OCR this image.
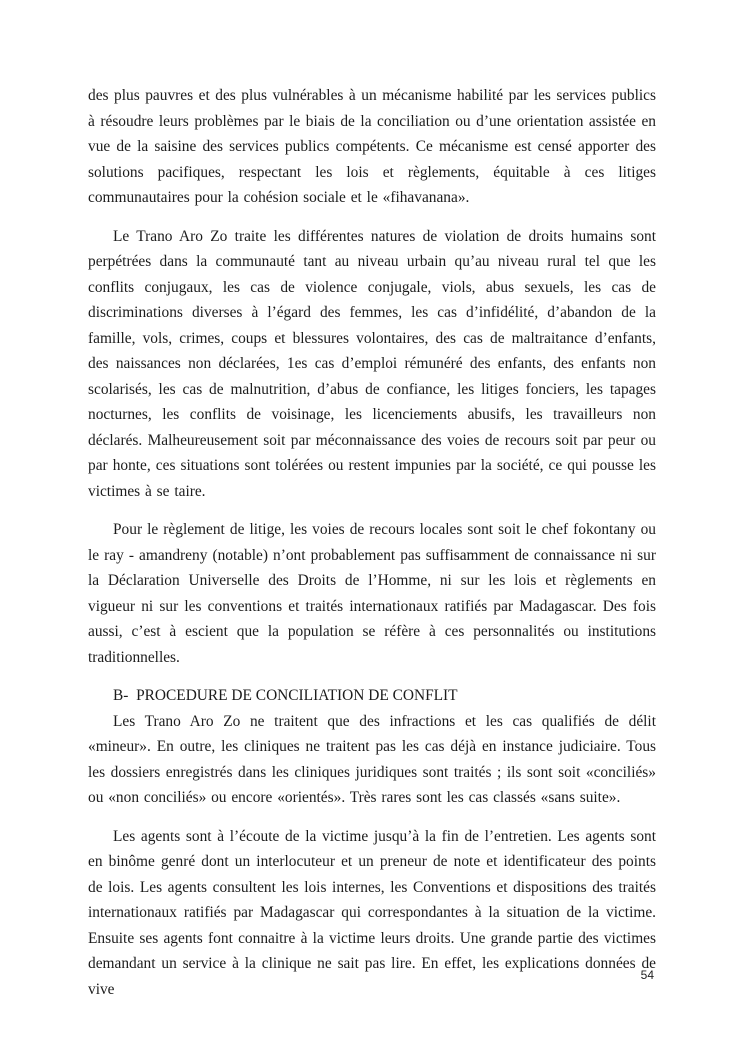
des plus pauvres et des plus vulnérables à un mécanisme habilité par les services publics à résoudre leurs problèmes par le biais de la conciliation ou d’une orientation assistée en vue de la saisine des services publics compétents. Ce mécanisme est censé apporter des solutions pacifiques, respectant les lois et règlements, équitable à ces litiges communautaires pour la cohésion sociale et le «fihavanana».

Le Trano Aro Zo traite les différentes natures de violation de droits humains sont perpétrées dans la communauté tant au niveau urbain qu’au niveau rural tel que les conflits conjugaux, les cas de violence conjugale, viols, abus sexuels, les cas de discriminations diverses à l’égard des femmes, les cas d’infidélité, d’abandon de la famille, vols, crimes, coups et blessures volontaires, des cas de maltraitance d’enfants, des naissances non déclarées, 1es cas d’emploi rémunéré des enfants, des enfants non scolarisés, les cas de malnutrition, d’abus de confiance, les litiges fonciers, les tapages nocturnes, les conflits de voisinage, les licenciements abusifs, les travailleurs non déclarés. Malheureusement soit par méconnaissance des voies de recours soit par peur ou par honte, ces situations sont tolérées ou restent impunies par la société, ce qui pousse les victimes à se taire.

Pour le règlement de litige, les voies de recours locales sont soit le chef fokontany ou le ray - amandreny (notable) n’ont probablement pas suffisamment de connaissance ni sur la Déclaration Universelle des Droits de l’Homme, ni sur les lois et règlements en vigueur ni sur les conventions et traités internationaux ratifiés par Madagascar. Des fois aussi, c’est à escient que la population se réfère à ces personnalités ou institutions traditionnelles.

B-  PROCEDURE DE CONCILIATION DE CONFLIT

Les Trano Aro Zo ne traitent que des infractions et les cas qualifiés de délit «mineur». En outre, les cliniques ne traitent pas les cas déjà en instance judiciaire. Tous les dossiers enregistrés dans les cliniques juridiques sont traités ; ils sont soit «conciliés» ou «non conciliés» ou encore «orientés». Très rares sont les cas classés «sans suite».

Les agents sont à l’écoute de la victime jusqu’à la fin de l’entretien. Les agents sont en binôme genré dont un interlocuteur et un preneur de note et identificateur des points de lois. Les agents consultent les lois internes, les Conventions et dispositions des traités internationaux ratifiés par Madagascar qui correspondantes à la situation de la victime. Ensuite ses agents font connaitre à la victime leurs droits. Une grande partie des victimes demandant un service à la clinique ne sait pas lire. En effet, les explications données de vive

54
